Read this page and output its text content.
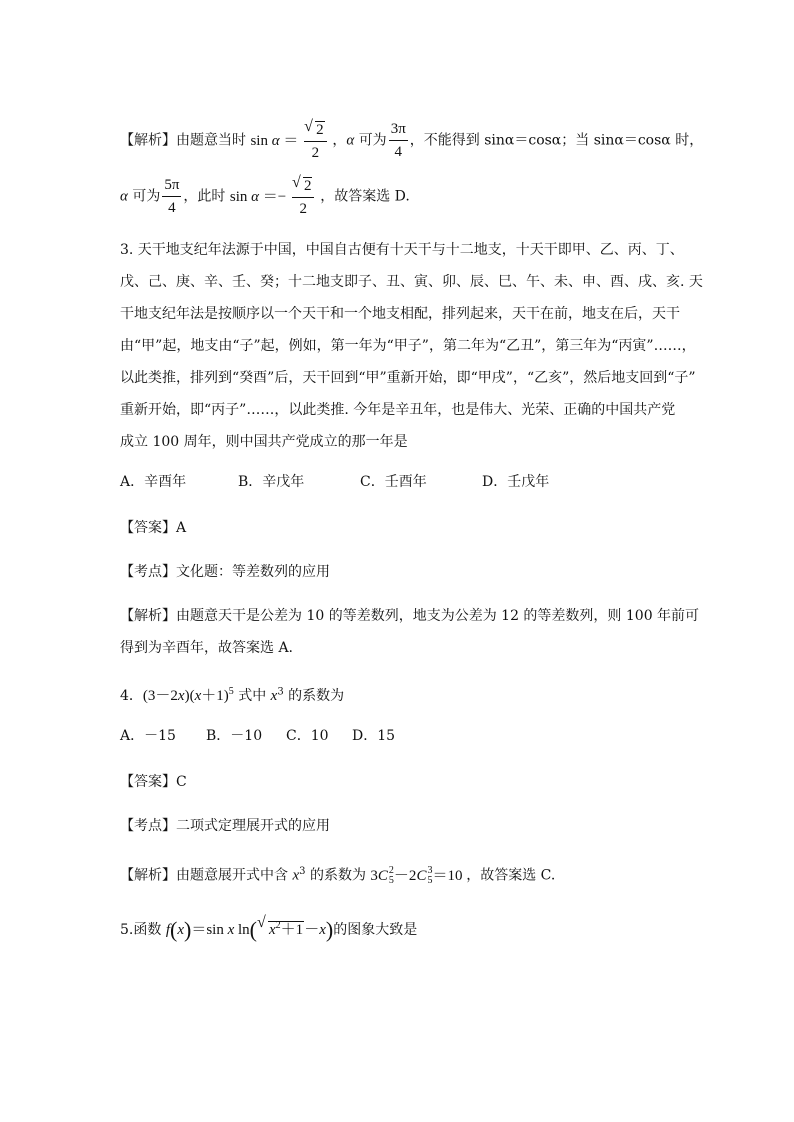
【解析】由题意当时 sin α ＝ √ $\frac{2}{2}$ ，α 可为 $\frac{3\pi}{4}$ ，不能得到 sinα＝cosα；当 sinα＝cosα 时，
α 可为 $\frac{5\pi}{4}$ ，此时 sin α ＝− √ $\frac{2}{2}$ ，故答案选 D.
3. 天干地支纪年法源于中国，中国自古便有十天干与十二地支，十天干即甲、乙、丙、丁、
戊、己、庚、辛、壬、癸；十二地支即子、丑、寅、卯、辰、巳、午、未、申、酉、戌、亥. 天
干地支纪年法是按顺序以一个天干和一个地支相配，排列起来，天干在前，地支在后，天干
由“甲”起，地支由“子”起，例如，第一年为“甲子”，第二年为“乙丑”，第三年为“丙寅”……，
以此类推，排列到“癸酉”后，天干回到“甲”重新开始，即“甲戌”，“乙亥”，然后地支回到“子”
重新开始，即“丙子”……，以此类推. 今年是辛丑年，也是伟大、光荣、正确的中国共产党
成立 100 周年，则中国共产党成立的那一年是
A．辛酉年	B．辛戊年	C．壬酉年	D．壬戊年
【答案】A
【考点】文化题：等差数列的应用
【解析】由题意天干是公差为 10 的等差数列，地支为公差为 12 的等差数列，则 100 年前可
得到为辛酉年，故答案选 A.
4．$(3-2x)(x+1)^5$ 式中 $x^3$ 的系数为
A．－15 B．－10 C．10 D．15
【答案】C
【考点】二项式定理展开式的应用
【解析】由题意展开式中含 $x^3$ 的系数为 3C 2
5 －2C 3
5 ＝10 ，故答案选 C.
5.函数 f(x)＝sin x ln( √ $x^2+1-x$)的图象大致是
